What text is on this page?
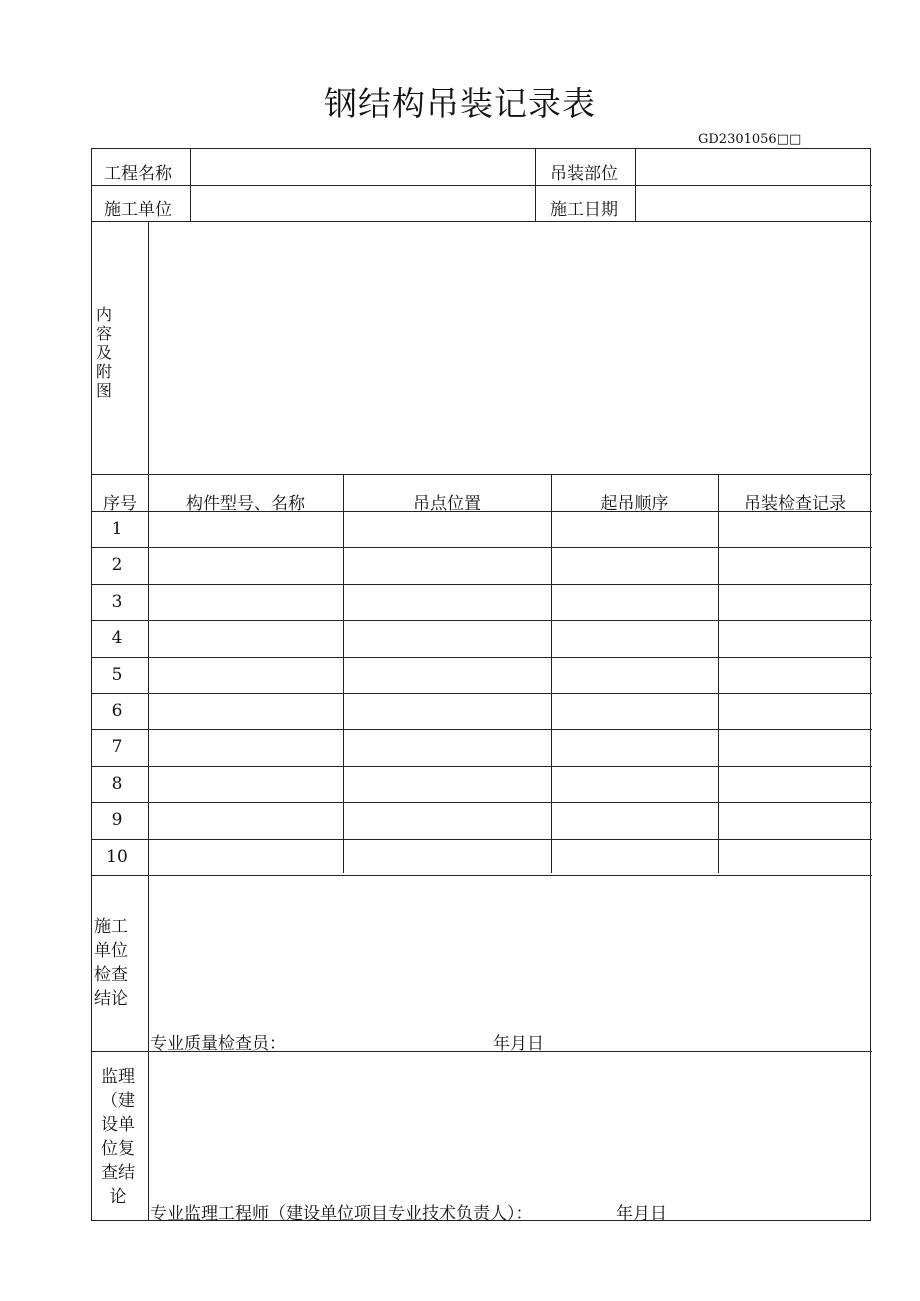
钢结构吊装记录表
GD2301056□□
工程名称	吊装部位
施工单位	施工日期
内容及附图
序号	构件型号、名称	吊点位置	起吊顺序	吊装检查记录
1
2
3
4
5
6
7
8
9
10
施工
单位
检查
结论
专业质量检查员：	年月日
监理
（建
设单
位复
查结
论
专业监理工程师（建设单位项目专业技术负责人）：	年月日
